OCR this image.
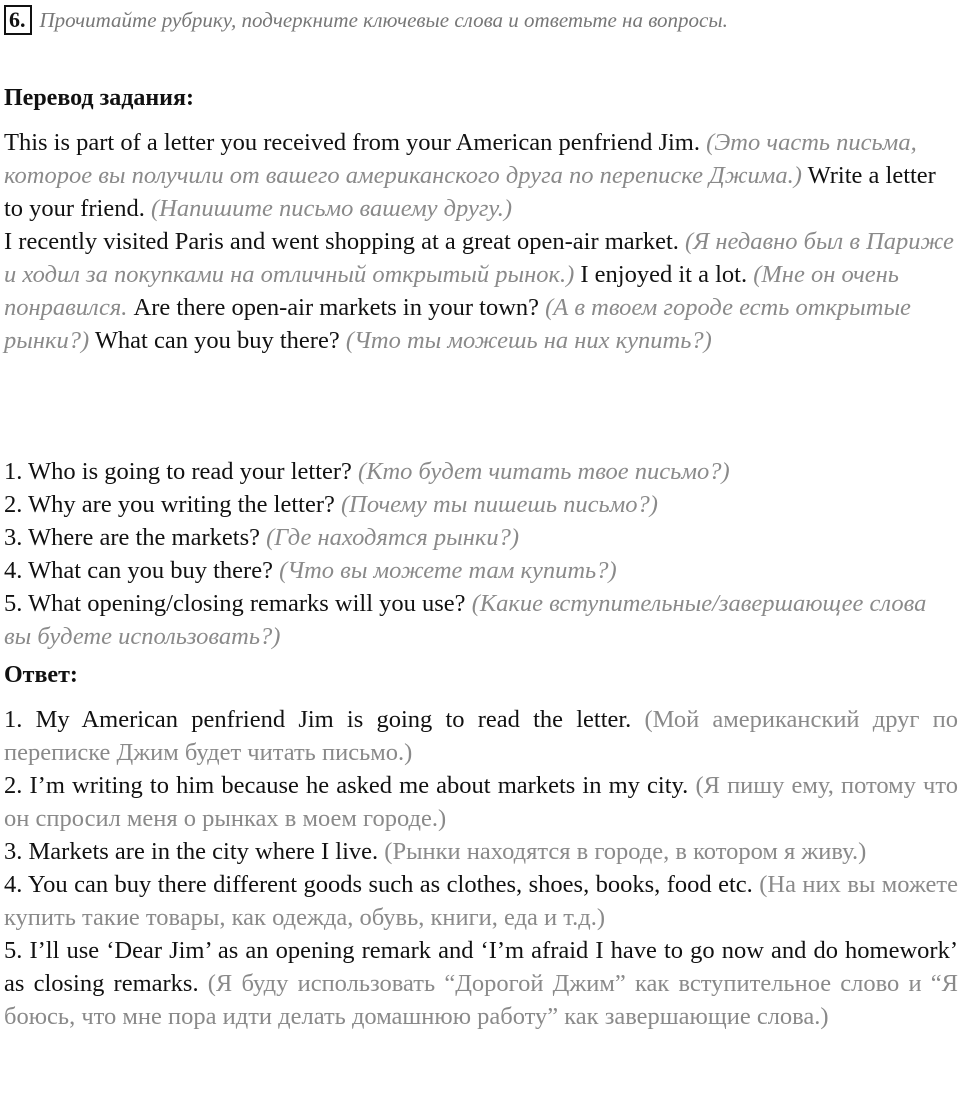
6. Прочитайте рубрику, подчеркните ключевые слова и ответьте на вопросы.
Перевод задания:
This is part of a letter you received from your American penfriend Jim. (Это часть письма, которое вы получили от вашего американского друга по переписке Джима.) Write a letter to your friend. (Напишите письмо вашему другу.)
I recently visited Paris and went shopping at a great open-air market. (Я недавно был в Париже и ходил за покупками на отличный открытый рынок.) I enjoyed it a lot. (Мне он очень понравился. Are there open-air markets in your town? (А в твоем городе есть открытые рынки?) What can you buy there? (Что ты можешь на них купить?)
1. Who is going to read your letter? (Кто будет читать твое письмо?)
2. Why are you writing the letter? (Почему ты пишешь письмо?)
3. Where are the markets? (Где находятся рынки?)
4. What can you buy there? (Что вы можете там купить?)
5. What opening/closing remarks will you use? (Какие вступительные/завершающее слова вы будете использовать?)
Ответ:
1. My American penfriend Jim is going to read the letter. (Мой американский друг по переписке Джим будет читать письмо.)
2. I’m writing to him because he asked me about markets in my city. (Я пишу ему, потому что он спросил меня о рынках в моем городе.)
3. Markets are in the city where I live. (Рынки находятся в городе, в котором я живу.)
4. You can buy there different goods such as clothes, shoes, books, food etc. (На них вы можете купить такие товары, как одежда, обувь, книги, еда и т.д.)
5. I’ll use ‘Dear Jim’ as an opening remark and ‘I’m afraid I have to go now and do homework’ as closing remarks. (Я буду использовать “Дорогой Джим” как вступительное слово и “Я боюсь, что мне пора идти делать домашнюю работу” как завершающие слова.)
